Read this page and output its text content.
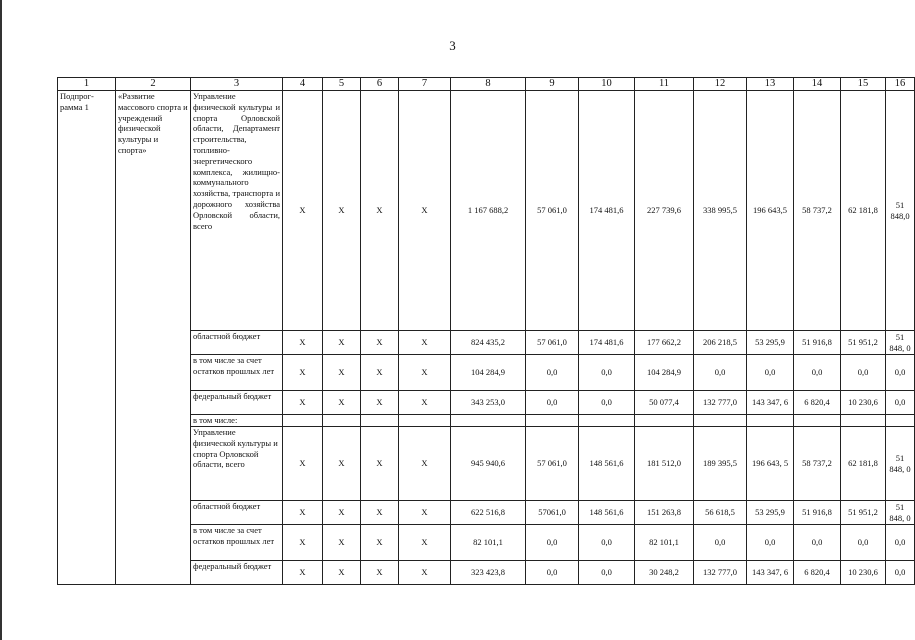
3
1	2	3	4	5	6	7	8	9	10	11	12	13	14	15	16
Подпрог-рамма 1	«Развитие массового спорта и учреждений физической культуры и спорта»	Управление физической культуры и спорта Орловской области, Департамент строительства, топливно-энергетического комплекса, жилищно-коммунального хозяйства, транспорта и дорожного хозяйства Орловской области, всего	X	X	X	X	1 167 688,2	57 061,0	174 481,6	227 739,6	338 995,5	196 643,5	58 737,2	62 181,8	51 848,0
		областной бюджет	X	X	X	X	824 435,2	57 061,0	174 481,6	177 662,2	206 218,5	53 295,9	51 916,8	51 951,2	51 848, 0
		в том числе за счет остатков прошлых лет	X	X	X	X	104 284,9	0,0	0,0	104 284,9	0,0	0,0	0,0	0,0	0,0
		федеральный бюджет	X	X	X	X	343 253,0	0,0	0,0	50 077,4	132 777,0	143 347, 6	6 820,4	10 230,6	0,0
		в том числе:													
		Управление физической культуры и спорта Орловской области, всего	X	X	X	X	945 940,6	57 061,0	148 561,6	181 512,0	189 395,5	196 643, 5	58 737,2	62 181,8	51 848, 0
		областной бюджет	X	X	X	X	622 516,8	57061,0	148 561,6	151 263,8	56 618,5	53 295,9	51 916,8	51 951,2	51 848, 0
		в том числе за счет остатков прошлых лет	X	X	X	X	82 101,1	0,0	0,0	82 101,1	0,0	0,0	0,0	0,0	0,0
		федеральный бюджет	X	X	X	X	323 423,8	0,0	0,0	30 248,2	132 777,0	143 347, 6	6 820,4	10 230,6	0,0
